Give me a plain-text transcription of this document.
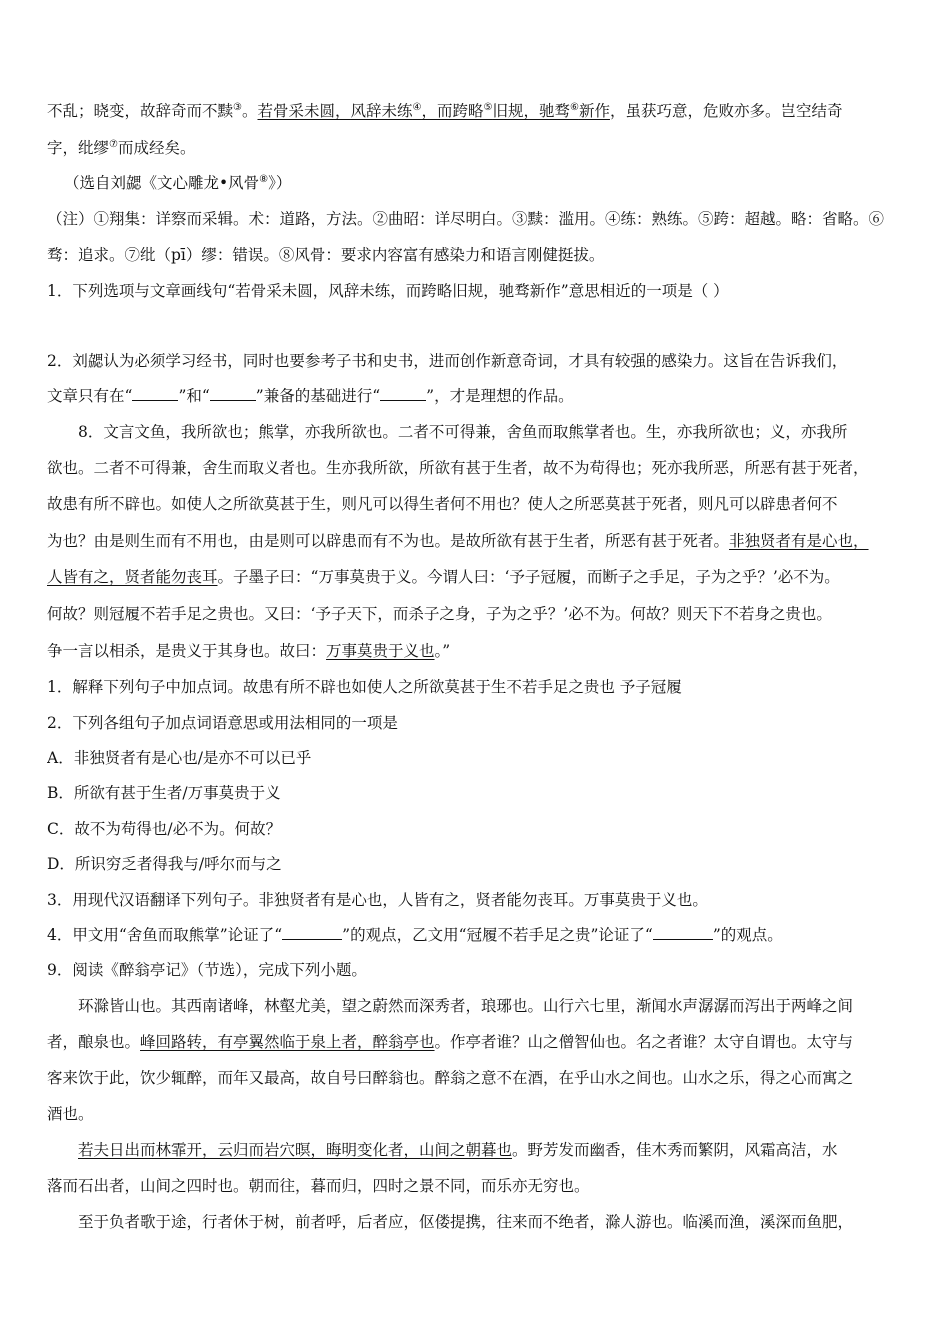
不乱；晓变，故辞奇而不黩③。若骨采未圆，风辞未练④，而跨略⑤旧规，驰骛⑥新作，虽获巧意，危败亦多。岂空结奇
字，纰缪⑦而成经矣。
（选自刘勰《文心雕龙•风骨⑧》）
（注）①翔集：详察而采辑。术：道路，方法。②曲昭：详尽明白。③黩：滥用。④练：熟练。⑤跨：超越。略：省略。⑥
骛：追求。⑦纰（pī）缪：错误。⑧风骨：要求内容富有感染力和语言刚健挺拔。
1．下列选项与文章画线句“若骨采未圆，风辞未练，而跨略旧规，驰骛新作”意思相近的一项是（ ）
2．刘勰认为必须学习经书，同时也要参考子书和史书，进而创作新意奇词，才具有较强的感染力。这旨在告诉我们，
文章只有在“	”和“	”兼备的基础进行“	”，才是理想的作品。
8．文言文鱼，我所欲也；熊掌，亦我所欲也。二者不可得兼，舍鱼而取熊掌者也。生，亦我所欲也；义，亦我所
欲也。二者不可得兼，舍生而取义者也。生亦我所欲，所欲有甚于生者，故不为苟得也；死亦我所恶，所恶有甚于死者，
故患有所不辟也。如使人之所欲莫甚于生，则凡可以得生者何不用也？使人之所恶莫甚于死者，则凡可以辟患者何不
为也？由是则生而有不用也，由是则可以辟患而有不为也。是故所欲有甚于生者，所恶有甚于死者。非独贤者有是心也，
人皆有之，贤者能勿丧耳。子墨子曰：“万事莫贵于义。今谓人曰：‘予子冠履，而断子之手足，子为之乎？’必不为。
何故？则冠履不若手足之贵也。又曰：‘予子天下，而杀子之身，子为之乎？’必不为。何故？则天下不若身之贵也。
争一言以相杀，是贵义于其身也。故曰：万事莫贵于义也。”
1．解释下列句子中加点词。故患有所不辟也如使人之所欲莫甚于生不若手足之贵也 予子冠履
2．下列各组句子加点词语意思或用法相同的一项是
A．非独贤者有是心也/是亦不可以已乎
B．所欲有甚于生者/万事莫贵于义
C．故不为苟得也/必不为。何故？
D．所识穷乏者得我与/呼尔而与之
3．用现代汉语翻译下列句子。非独贤者有是心也，人皆有之，贤者能勿丧耳。万事莫贵于义也。
4．甲文用“舍鱼而取熊掌”论证了“	”的观点，乙文用“冠履不若手足之贵”论证了“	”的观点。
9．阅读《醉翁亭记》（节选），完成下列小题。
环滁皆山也。其西南诸峰，林壑尤美，望之蔚然而深秀者，琅琊也。山行六七里，渐闻水声潺潺而泻出于两峰之间
者，酿泉也。峰回路转，有亭翼然临于泉上者，醉翁亭也。作亭者谁？山之僧智仙也。名之者谁？太守自谓也。太守与
客来饮于此，饮少辄醉，而年又最高，故自号曰醉翁也。醉翁之意不在酒，在乎山水之间也。山水之乐，得之心而寓之
酒也。
若夫日出而林霏开，云归而岩穴暝，晦明变化者，山间之朝暮也。野芳发而幽香，佳木秀而繁阴，风霜高洁，水
落而石出者，山间之四时也。朝而往，暮而归，四时之景不同，而乐亦无穷也。
至于负者歌于途，行者休于树，前者呼，后者应，伛偻提携，往来而不绝者，滁人游也。临溪而渔，溪深而鱼肥，
